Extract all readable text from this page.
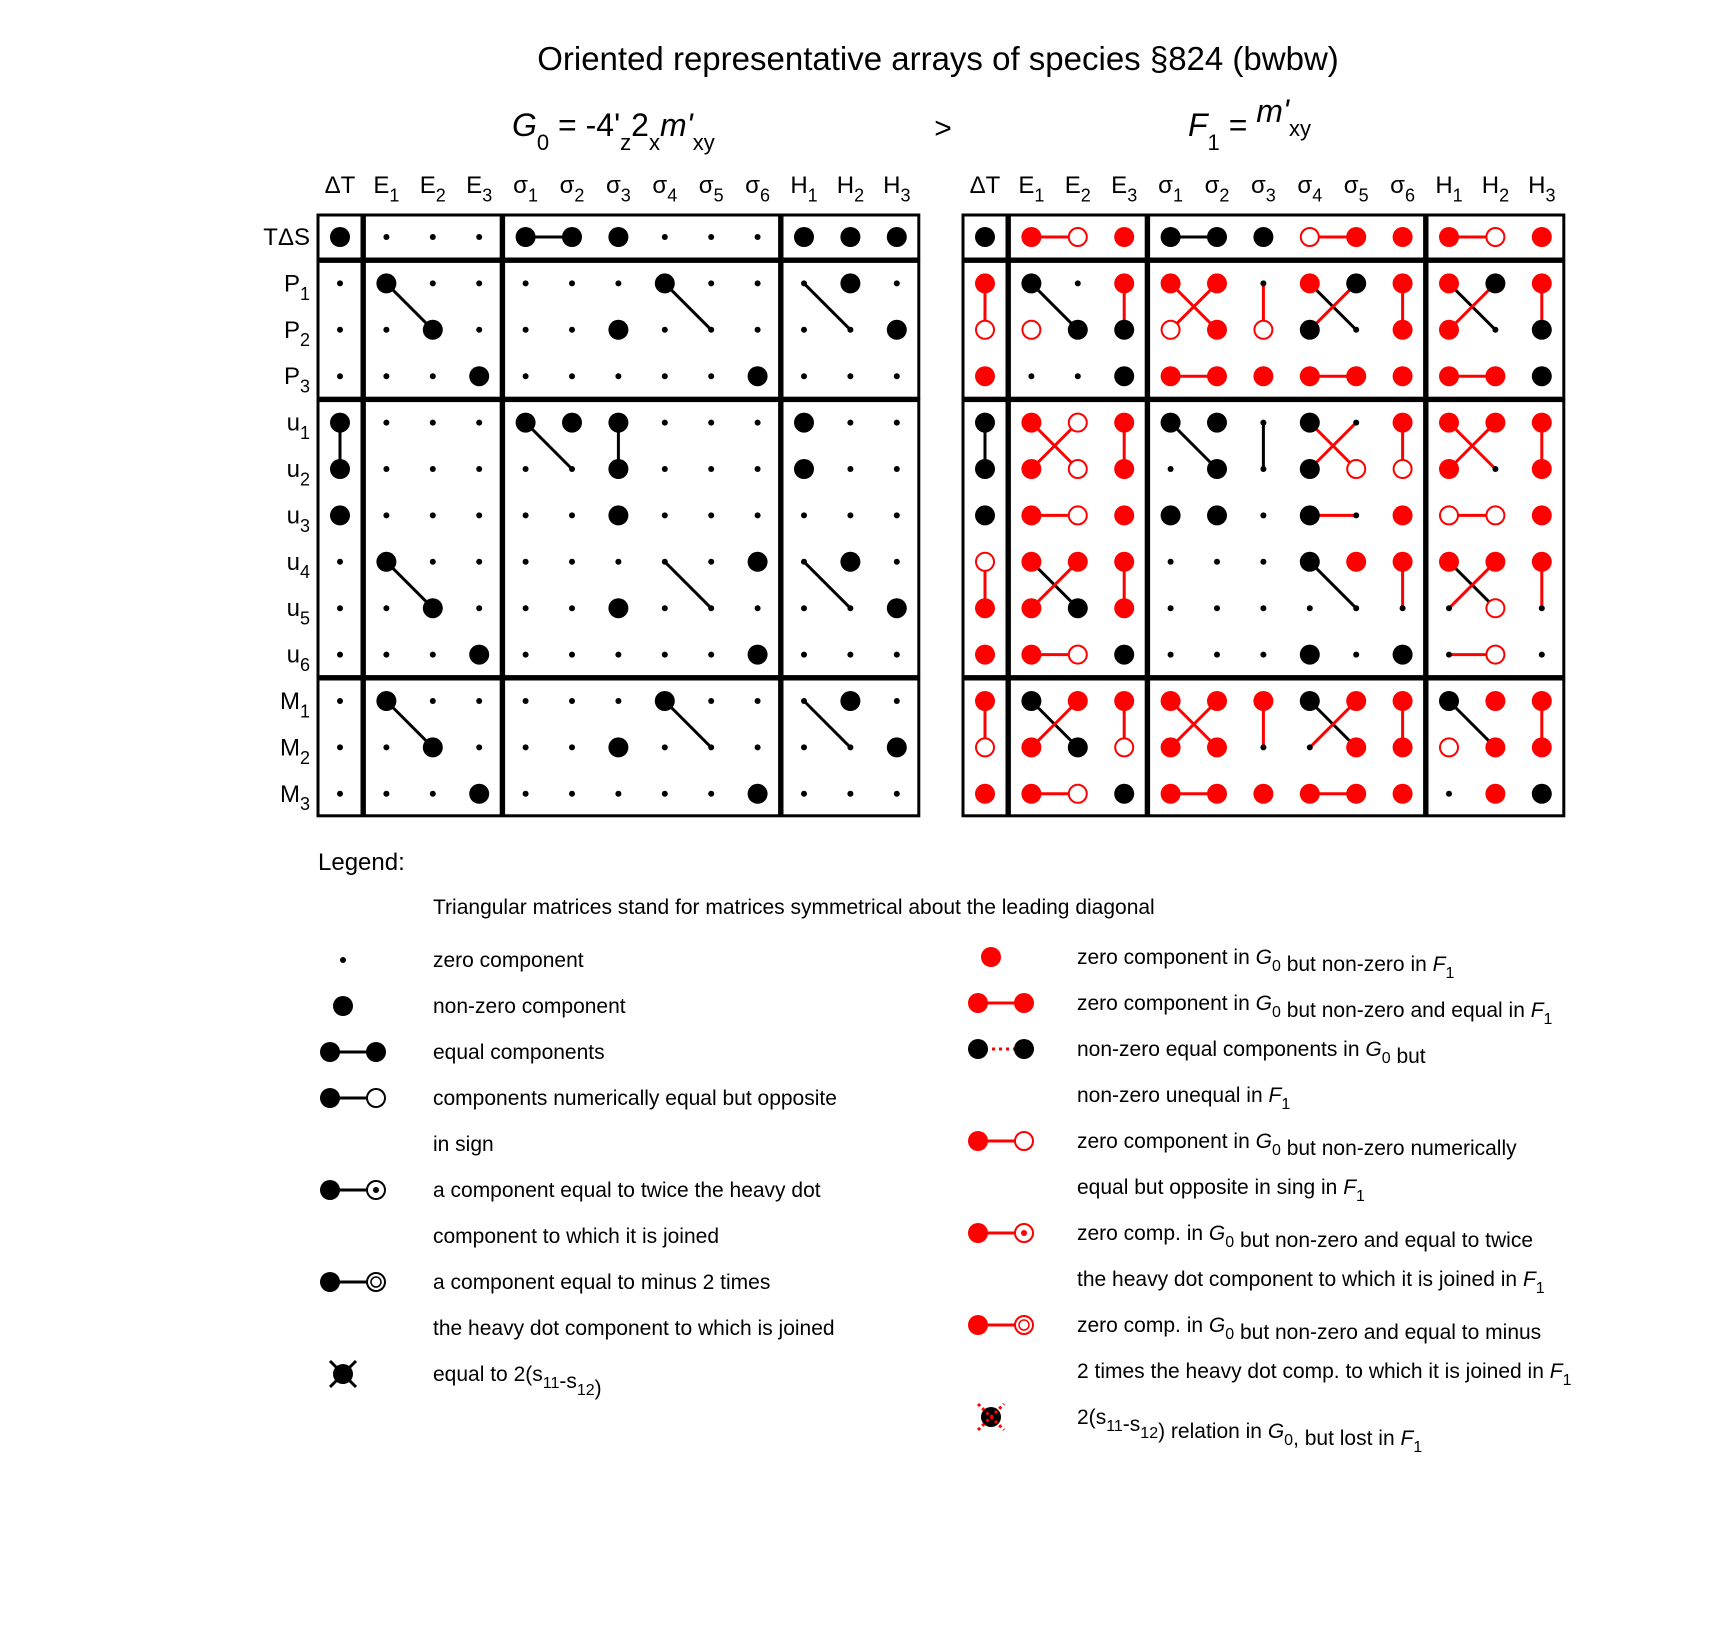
Oriented representative arrays of species §824 (bwbw)
$G_0 = -4'_z2_xm'_{xy}$	>	$F_1 = m'_{xy}$
ΔT $E_1$ $E_2$ $E_3$ $\sigma_1$ $\sigma_2$ $\sigma_3$ $\sigma_4$ $\sigma_5$ $\sigma_6$ $H_1$ $H_2$ $H_3$
TΔS
$P_1$
$P_2$
$P_3$
$u_1$
$u_2$
$u_3$
$u_4$
$u_5$
$u_6$
$M_1$
$M_2$
$M_3$
ΔT $E_1$ $E_2$ $E_3$ $\sigma_1$ $\sigma_2$ $\sigma_3$ $\sigma_4$ $\sigma_5$ $\sigma_6$ $H_1$ $H_2$ $H_3$
Legend:
Triangular matrices stand for matrices symmetrical about the leading diagonal
zero component
non-zero component
equal components
components numerically equal but opposite
in sign
a component equal to twice the heavy dot
component to which it is joined
a component equal to minus 2 times
the heavy dot component to which is joined
equal to $2(s_{11}-s_{12})$
zero component in $G_0$ but non-zero in $F_1$
zero component in $G_0$ but non-zero and equal in $F_1$
non-zero equal components in $G_0$ but
non-zero unequal in $F_1$
zero component in $G_0$ but non-zero numerically
equal but opposite in sing in $F_1$
zero comp. in $G_0$ but non-zero and equal to twice
the heavy dot component to which it is joined in $F_1$
zero comp. in $G_0$ but non-zero and equal to minus
2 times the heavy dot comp. to which it is joined in $F_1$
$2(s_{11}-s_{12})$ relation in $G_0$, but lost in $F_1$
